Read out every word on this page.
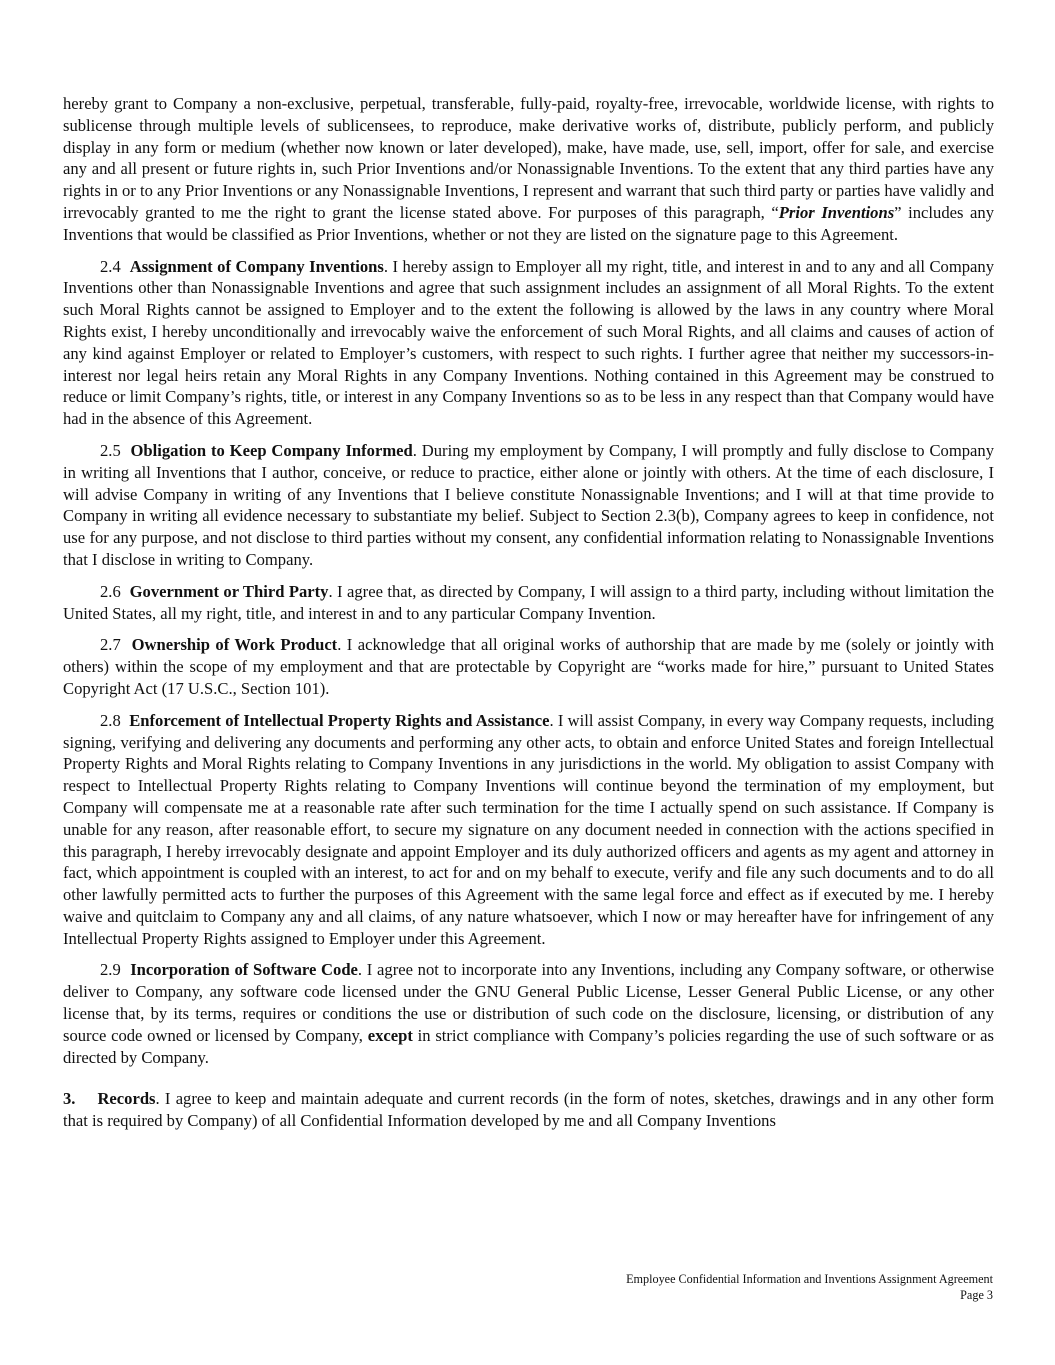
hereby grant to Company a non-exclusive, perpetual, transferable, fully-paid, royalty-free, irrevocable, worldwide license, with rights to sublicense through multiple levels of sublicensees, to reproduce, make derivative works of, distribute, publicly perform, and publicly display in any form or medium (whether now known or later developed), make, have made, use, sell, import, offer for sale, and exercise any and all present or future rights in, such Prior Inventions and/or Nonassignable Inventions. To the extent that any third parties have any rights in or to any Prior Inventions or any Nonassignable Inventions, I represent and warrant that such third party or parties have validly and irrevocably granted to me the right to grant the license stated above. For purposes of this paragraph, “Prior Inventions” includes any Inventions that would be classified as Prior Inventions, whether or not they are listed on the signature page to this Agreement.

2.4 Assignment of Company Inventions. I hereby assign to Employer all my right, title, and interest in and to any and all Company Inventions other than Nonassignable Inventions and agree that such assignment includes an assignment of all Moral Rights. To the extent such Moral Rights cannot be assigned to Employer and to the extent the following is allowed by the laws in any country where Moral Rights exist, I hereby unconditionally and irrevocably waive the enforcement of such Moral Rights, and all claims and causes of action of any kind against Employer or related to Employer’s customers, with respect to such rights. I further agree that neither my successors-in-interest nor legal heirs retain any Moral Rights in any Company Inventions. Nothing contained in this Agreement may be construed to reduce or limit Company’s rights, title, or interest in any Company Inventions so as to be less in any respect than that Company would have had in the absence of this Agreement.

2.5 Obligation to Keep Company Informed. During my employment by Company, I will promptly and fully disclose to Company in writing all Inventions that I author, conceive, or reduce to practice, either alone or jointly with others. At the time of each disclosure, I will advise Company in writing of any Inventions that I believe constitute Nonassignable Inventions; and I will at that time provide to Company in writing all evidence necessary to substantiate my belief. Subject to Section 2.3(b), Company agrees to keep in confidence, not use for any purpose, and not disclose to third parties without my consent, any confidential information relating to Nonassignable Inventions that I disclose in writing to Company.

2.6 Government or Third Party. I agree that, as directed by Company, I will assign to a third party, including without limitation the United States, all my right, title, and interest in and to any particular Company Invention.

2.7 Ownership of Work Product. I acknowledge that all original works of authorship that are made by me (solely or jointly with others) within the scope of my employment and that are protectable by Copyright are “works made for hire,” pursuant to United States Copyright Act (17 U.S.C., Section 101).

2.8 Enforcement of Intellectual Property Rights and Assistance. I will assist Company, in every way Company requests, including signing, verifying and delivering any documents and performing any other acts, to obtain and enforce United States and foreign Intellectual Property Rights and Moral Rights relating to Company Inventions in any jurisdictions in the world. My obligation to assist Company with respect to Intellectual Property Rights relating to Company Inventions will continue beyond the termination of my employment, but Company will compensate me at a reasonable rate after such termination for the time I actually spend on such assistance. If Company is unable for any reason, after reasonable effort, to secure my signature on any document needed in connection with the actions specified in this paragraph, I hereby irrevocably designate and appoint Employer and its duly authorized officers and agents as my agent and attorney in fact, which appointment is coupled with an interest, to act for and on my behalf to execute, verify and file any such documents and to do all other lawfully permitted acts to further the purposes of this Agreement with the same legal force and effect as if executed by me. I hereby waive and quitclaim to Company any and all claims, of any nature whatsoever, which I now or may hereafter have for infringement of any Intellectual Property Rights assigned to Employer under this Agreement.

2.9 Incorporation of Software Code. I agree not to incorporate into any Inventions, including any Company software, or otherwise deliver to Company, any software code licensed under the GNU General Public License, Lesser General Public License, or any other license that, by its terms, requires or conditions the use or distribution of such code on the disclosure, licensing, or distribution of any source code owned or licensed by Company, except in strict compliance with Company’s policies regarding the use of such software or as directed by Company.

3. Records. I agree to keep and maintain adequate and current records (in the form of notes, sketches, drawings and in any other form that is required by Company) of all Confidential Information developed by me and all Company Inventions

Employee Confidential Information and Inventions Assignment Agreement
Page 3
